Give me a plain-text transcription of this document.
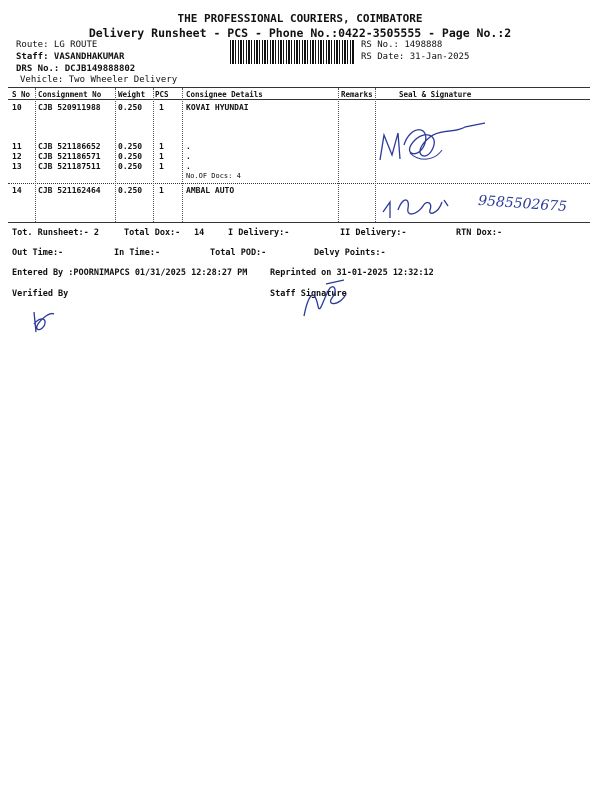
THE PROFESSIONAL COURIERS, COIMBATORE
Delivery Runsheet - PCS - Phone No.:0422-3505555 - Page No.:2
Route: LG ROUTE
Staff: VASANDHAKUMAR
DRS No.: DCJB149888802
Vehicle: Two Wheeler Delivery
RS No.: 1498888
RS Date: 31-Jan-2025
S No Consignment No Weight PCS Consignee Details	Remarks	Seal & Signature
10 CJB 520911988 0.250 1	KOVAI HYUNDAI
11 CJB 521186652 0.250 1	.
12 CJB 521186571 0.250 1	.
13 CJB 521187511 0.250 1	.
No.OF Docs: 4
14 CJB 521162464 0.250 1	AMBAL AUTO
9585502675
Tot. Runsheet:- 2	Total Dox:- 14	I Delivery:-	II Delivery:-	RTN Dox:-
Out Time:-	In Time:-	Total POD:-	Delvy Points:-
Entered By :POORNIMAPCS 01/31/2025 12:28:27 PM	Reprinted on 31-01-2025 12:32:12
Verified By	Staff Signature
